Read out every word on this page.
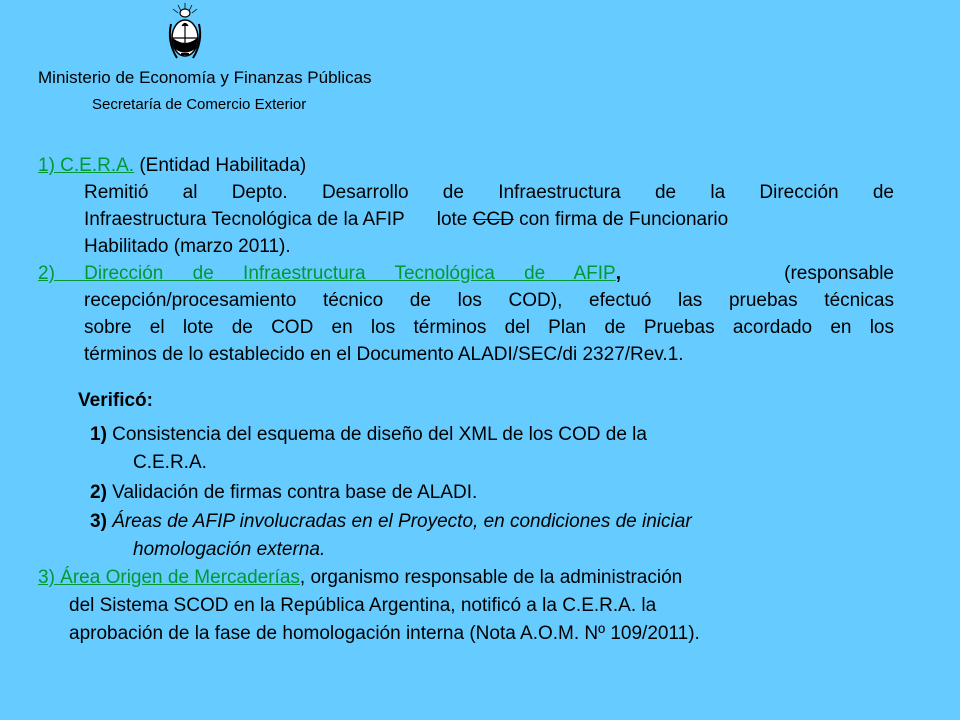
Ministerio de Economía y Finanzas Públicas
Secretaría de Comercio Exterior
1) C.E.R.A. (Entidad Habilitada)
Remitió al Depto. Desarrollo de Infraestructura de la Dirección de
Infraestructura Tecnológica de la AFIP lote CCD con firma de Funcionario
Habilitado (marzo 2011).
2) Dirección de Infraestructura Tecnológica de AFIP,	(responsable
recepción/procesamiento técnico de los COD), efectuó las pruebas técnicas
sobre el lote de COD en los términos del Plan de Pruebas acordado en los
términos de lo establecido en el Documento ALADI/SEC/di 2327/Rev.1.
Verificó:
1) Consistencia del esquema de diseño del XML de los COD de la
C.E.R.A.
2) Validación de firmas contra base de ALADI.
3) Áreas de AFIP involucradas en el Proyecto, en condiciones de iniciar
homologación externa.
3) Área Origen de Mercaderías, organismo responsable de la administración
del Sistema SCOD en la República Argentina, notificó a la C.E.R.A. la
aprobación de la fase de homologación interna (Nota A.O.M. Nº 109/2011).
